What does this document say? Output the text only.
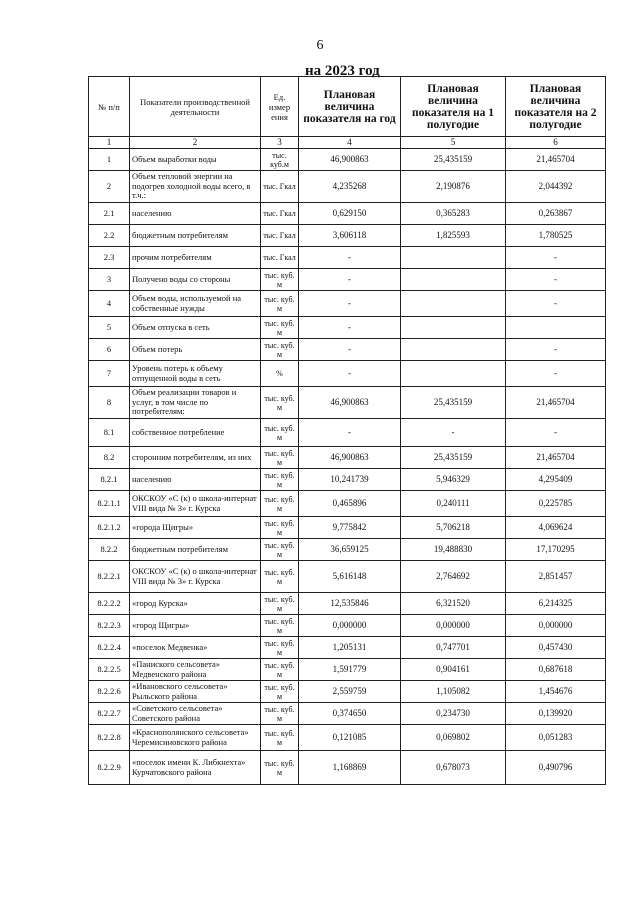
6
на 2023 год
№ п/п	Показатели производственной деятельности	Ед. измер ения	Плановая величина показателя на год	Плановая величина показателя на 1 полугодие	Плановая величина показателя на 2 полугодие
1	2	3	4	5	6
1	Объем выработки воды	тыс. куб.м	46,900863	25,435159	21,465704
2	Объем тепловой энергии на подогрев холодной воды всего, в т.ч.:	тыс. Гкал	4,235268	2,190876	2,044392
2.1	населению	тыс. Гкал	0,629150	0,365283	0,263867
2.2	бюджетным потребителям	тыс. Гкал	3,606118	1,825593	1,780525
2.3	прочим потребителям	тыс. Гкал	-		-
3	Получено воды со стороны	тыс. куб. м	-		-
4	Объем воды, используемой на собственные нужды	тыс. куб. м	-		-
5	Объем отпуска в сеть	тыс. куб. м	-		
6	Объем потерь	тыс. куб. м	-		-
7	Уровень потерь к объему отпущенной воды в сеть	%	-		-
8	Объем реализации товаров и услуг, в том числе по потребителям:	тыс. куб. м	46,900863	25,435159	21,465704
8.1	собственное потребление	тыс. куб. м	-	-	-
8.2	сторонним потребителям, из них	тыс. куб. м	46,900863	25,435159	21,465704
8.2.1	населению	тыс. куб. м	10,241739	5,946329	4,295409
8.2.1.1	ОКСКОУ «С (к) о школа-интернат VIII вида № 3» г. Курска	тыс. куб. м	0,465896	0,240111	0,225785
8.2.1.2	«города Щигры»	тыс. куб. м	9,775842	5,706218	4,069624
8.2.2	бюджетным потребителям	тыс. куб. м	36,659125	19,488830	17,170295
8.2.2.1	ОКСКОУ «С (к) о школа-интернат VIII вида № 3» г. Курска	тыс. куб. м	5,616148	2,764692	2,851457
8.2.2.2	«город Курска»	тыс. куб. м	12,535846	6,321520	6,214325
8.2.2.3	«город Щигры»	тыс. куб. м	0,000000	0,000000	0,000000
8.2.2.4	«поселок Медвенка»	тыс. куб. м	1,205131	0,747701	0,457430
8.2.2.5	«Паниского сельсовета» Медвенского района	тыс. куб. м	1,591779	0,904161	0,687618
8.2.2.6	«Ивановского сельсовета» Рыльского района	тыс. куб. м	2,559759	1,105082	1,454676
8.2.2.7	«Советского сельсовета» Советского района	тыс. куб. м	0,374650	0,234730	0,139920
8.2.2.8	«Краснополянского сельсовета» Черемисиновского района	тыс. куб. м	0,121085	0,069802	0,051283
8.2.2.9	«поселок имени К. Либкнехта» Курчатовского района	тыс. куб. м	1,168869	0,678073	0,490796
